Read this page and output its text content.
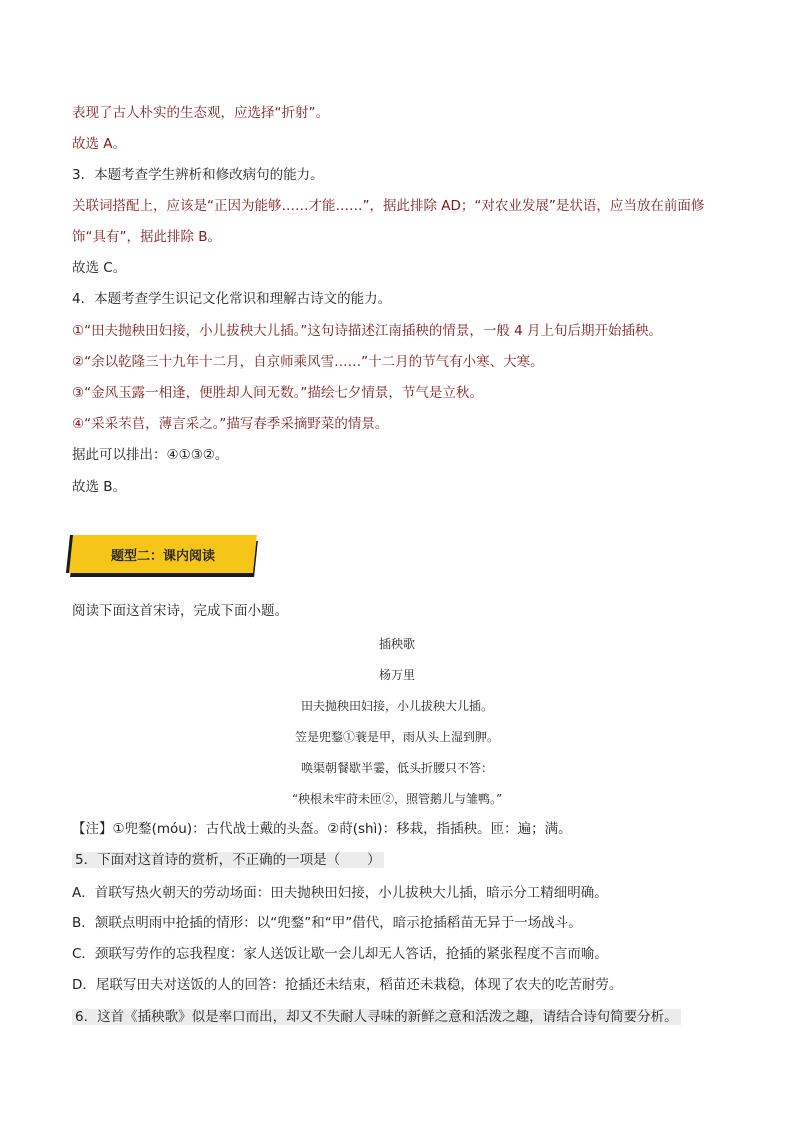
表现了古人朴实的生态观，应选择“折射”。
故选 A。
3．本题考查学生辨析和修改病句的能力。
关联词搭配上，应该是“正因为能够……才能……”，据此排除 AD；“对农业发展”是状语，应当放在前面修
饰“具有”，据此排除 B。
故选 C。
4．本题考查学生识记文化常识和理解古诗文的能力。
①“田夫抛秧田妇接，小儿拔秧大儿插。”这句诗描述江南插秧的情景，一般 4 月上旬后期开始插秧。
②“余以乾隆三十九年十二月，自京师乘风雪……”十二月的节气有小寒、大寒。
③“金风玉露一相逢，便胜却人间无数。”描绘七夕情景，节气是立秋。
④“采采芣苢，薄言采之。”描写春季采摘野菜的情景。
据此可以排出：④①③②。
故选 B。
题型二：课内阅读
阅读下面这首宋诗，完成下面小题。
插秧歌
杨万里
田夫抛秧田妇接，小儿拔秧大儿插。
笠是兜鍪①蓑是甲，雨从头上湿到胛。
唤渠朝餐歇半霎，低头折腰只不答：
“秧根未牢莳未匝②，照管鹅儿与雏鸭。”
【注】①兜鍪(móu)：古代战士戴的头盔。②莳(shì)：移栽，指插秧。匝：遍；满。
5．下面对这首诗的赏析，不正确的一项是（　　）
A．首联写热火朝天的劳动场面：田夫抛秧田妇接，小儿拔秧大儿插，暗示分工精细明确。
B．颔联点明雨中抢插的情形：以“兜鍪”和“甲”借代，暗示抢插稻苗无异于一场战斗。
C．颈联写劳作的忘我程度：家人送饭让歇一会儿却无人答话，抢插的紧张程度不言而喻。
D．尾联写田夫对送饭的人的回答：抢插还未结束，稻苗还未栽稳，体现了农夫的吃苦耐劳。
6．这首《插秧歌》似是率口而出，却又不失耐人寻味的新鲜之意和活泼之趣，请结合诗句简要分析。
